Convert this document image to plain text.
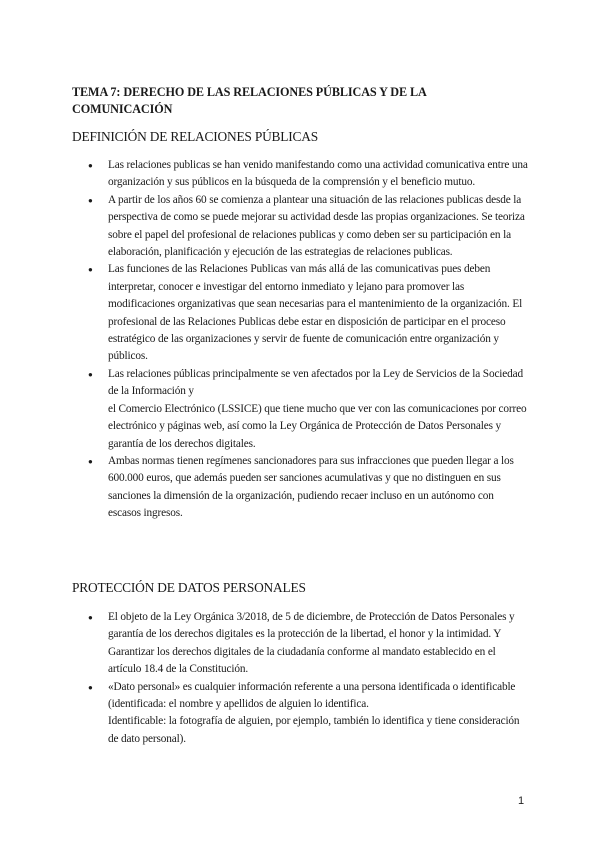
TEMA 7: DERECHO DE LAS RELACIONES PÚBLICAS Y DE LA COMUNICACIÓN
DEFINICIÓN DE RELACIONES PÚBLICAS
● Las relaciones publicas se han venido manifestando como una actividad comunicativa entre una organización y sus públicos en la búsqueda de la comprensión y el beneficio mutuo.
● A partir de los años 60 se comienza a plantear una situación de las relaciones publicas desde la perspectiva de como se puede mejorar su actividad desde las propias organizaciones. Se teoriza sobre el papel del profesional de relaciones publicas y como deben ser su participación en la elaboración, planificación y ejecución de las estrategias de relaciones publicas.
● Las funciones de las Relaciones Publicas van más allá de las comunicativas pues deben interpretar, conocer e investigar del entorno inmediato y lejano para promover las modificaciones organizativas que sean necesarias para el mantenimiento de la organización. El profesional de las Relaciones Publicas debe estar en disposición de participar en el proceso estratégico de las organizaciones y servir de fuente de comunicación entre organización y públicos.
● Las relaciones públicas principalmente se ven afectados por la Ley de Servicios de la Sociedad de la Información y
el Comercio Electrónico (LSSICE) que tiene mucho que ver con las comunicaciones por correo electrónico y páginas web, así como la Ley Orgánica de Protección de Datos Personales y garantía de los derechos digitales.
● Ambas normas tienen regímenes sancionadores para sus infracciones que pueden llegar a los 600.000 euros, que además pueden ser sanciones acumulativas y que no distinguen en sus sanciones la dimensión de la organización, pudiendo recaer incluso en un autónomo con escasos ingresos.
PROTECCIÓN DE DATOS PERSONALES
● El objeto de la Ley Orgánica 3/2018, de 5 de diciembre, de Protección de Datos Personales y garantía de los derechos digitales es la protección de la libertad, el honor y la intimidad. Y Garantizar los derechos digitales de la ciudadanía conforme al mandato establecido en el artículo 18.4 de la Constitución.
● «Dato personal» es cualquier información referente a una persona identificada o identificable (identificada: el nombre y apellidos de alguien lo identifica.
Identificable: la fotografía de alguien, por ejemplo, también lo identifica y tiene consideración de dato personal).
1
